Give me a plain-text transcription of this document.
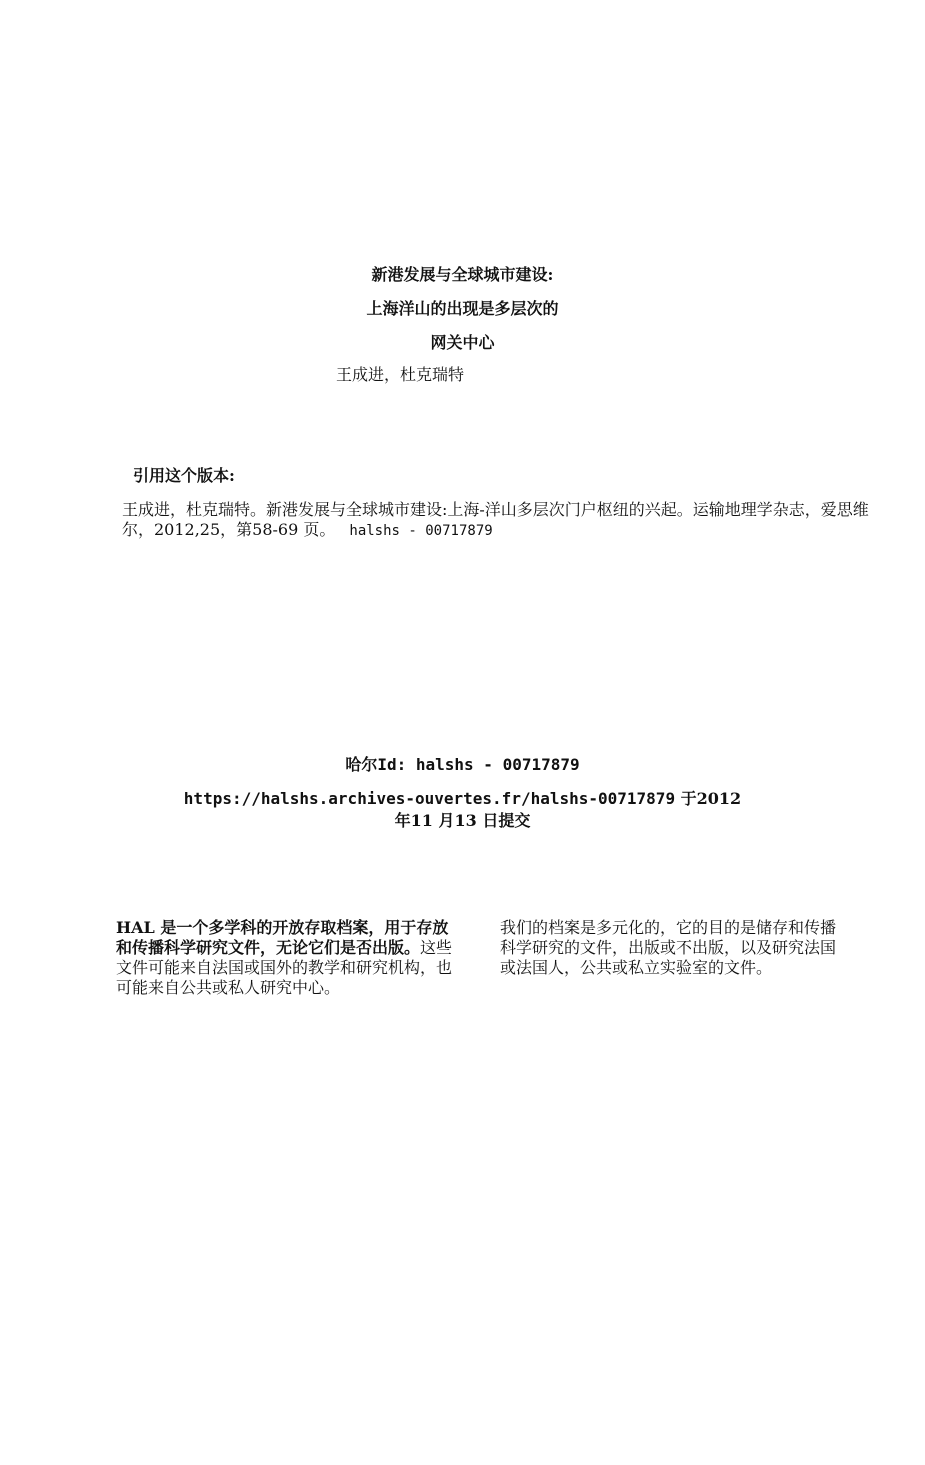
新港发展与全球城市建设:
上海洋山的出现是多层次的
网关中心
王成进，杜克瑞特
引用这个版本:
王成进，杜克瑞特。新港发展与全球城市建设:上海-洋山多层次门户枢纽的兴起。运输地理学杂志，爱思维尔，2012,25，第58-69 页。 halshs - 00717879
哈尔Id: halshs - 00717879
https://halshs.archives-ouvertes.fr/halshs-00717879 于2012
年11 月13 日提交
HAL 是一个多学科的开放存取档案，用于存放和传播科学研究文件，无论它们是否出版。这些文件可能来自法国或国外的教学和研究机构，也可能来自公共或私人研究中心。
我们的档案是多元化的，它的目的是储存和传播科学研究的文件，出版或不出版，以及研究法国或法国人，公共或私立实验室的文件。
